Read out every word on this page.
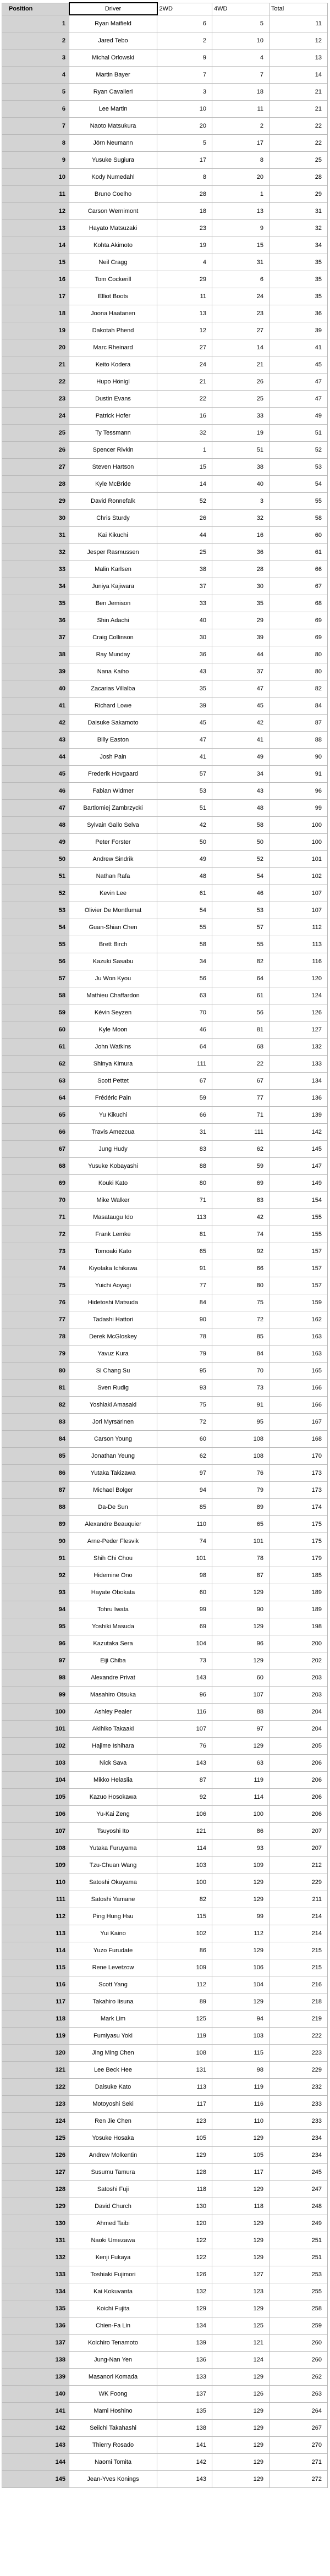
Position	Driver	2WD	4WD	Total
1	Ryan Maifield	6	5	11
2	Jared Tebo	2	10	12
3	Michal Orlowski	9	4	13
4	Martin Bayer	7	7	14
5	Ryan Cavalieri	3	18	21
6	Lee Martin	10	11	21
7	Naoto Matsukura	20	2	22
8	Jörn Neumann	5	17	22
9	Yusuke Sugiura	17	8	25
10	Kody Numedahl	8	20	28
11	Bruno Coelho	28	1	29
12	Carson Wernimont	18	13	31
13	Hayato Matsuzaki	23	9	32
14	Kohta Akimoto	19	15	34
15	Neil Cragg	4	31	35
16	Tom Cockerill	29	6	35
17	Elliot Boots	11	24	35
18	Joona Haatanen	13	23	36
19	Dakotah Phend	12	27	39
20	Marc Rheinard	27	14	41
21	Keito Kodera	24	21	45
22	Hupo Hönigl	21	26	47
23	Dustin Evans	22	25	47
24	Patrick Hofer	16	33	49
25	Ty Tessmann	32	19	51
26	Spencer Rivkin	1	51	52
27	Steven Hartson	15	38	53
28	Kyle McBride	14	40	54
29	David Ronnefalk	52	3	55
30	Chris Sturdy	26	32	58
31	Kai Kikuchi	44	16	60
32	Jesper Rasmussen	25	36	61
33	Malin Karlsen	38	28	66
34	Juniya Kajiwara	37	30	67
35	Ben Jemison	33	35	68
36	Shin Adachi	40	29	69
37	Craig Collinson	30	39	69
38	Ray Munday	36	44	80
39	Nana Kaiho	43	37	80
40	Zacarias Villalba	35	47	82
41	Richard Lowe	39	45	84
42	Daisuke Sakamoto	45	42	87
43	Billy Easton	47	41	88
44	Josh Pain	41	49	90
45	Frederik Hovgaard	57	34	91
46	Fabian Widmer	53	43	96
47	Bartlomiej Zambrzycki	51	48	99
48	Sylvain Gallo Selva	42	58	100
49	Peter Forster	50	50	100
50	Andrew Sindrik	49	52	101
51	Nathan Rafa	48	54	102
52	Kevin Lee	61	46	107
53	Olivier De Montfumat	54	53	107
54	Guan-Shian Chen	55	57	112
55	Brett Birch	58	55	113
56	Kazuki Sasabu	34	82	116
57	Ju Won Kyou	56	64	120
58	Mathieu Chaffardon	63	61	124
59	Kévin Seyzen	70	56	126
60	Kyle Moon	46	81	127
61	John Watkins	64	68	132
62	Shinya Kimura	111	22	133
63	Scott Pettet	67	67	134
64	Frédéric Pain	59	77	136
65	Yu Kikuchi	66	71	139
66	Travis Amezcua	31	111	142
67	Jung Hudy	83	62	145
68	Yusuke Kobayashi	88	59	147
69	Kouki Kato	80	69	149
70	Mike Walker	71	83	154
71	Masataugu Ido	113	42	155
72	Frank Lemke	81	74	155
73	Tomoaki Kato	65	92	157
74	Kiyotaka Ichikawa	91	66	157
75	Yuichi Aoyagi	77	80	157
76	Hidetoshi Matsuda	84	75	159
77	Tadashi Hattori	90	72	162
78	Derek McGloskey	78	85	163
79	Yavuz Kura	79	84	163
80	Si Chang Su	95	70	165
81	Sven Rudig	93	73	166
82	Yoshiaki Amasaki	75	91	166
83	Jori Myrsärinen	72	95	167
84	Carson Young	60	108	168
85	Jonathan Yeung	62	108	170
86	Yutaka Takizawa	97	76	173
87	Michael Bolger	94	79	173
88	Da-De Sun	85	89	174
89	Alexandre Beauquier	110	65	175
90	Arne-Peder Flesvik	74	101	175
91	Shih Chi Chou	101	78	179
92	Hidemine Ono	98	87	185
93	Hayate Obokata	60	129	189
94	Tohru Iwata	99	90	189
95	Yoshiki Masuda	69	129	198
96	Kazutaka Sera	104	96	200
97	Eiji Chiba	73	129	202
98	Alexandre Privat	143	60	203
99	Masahiro Otsuka	96	107	203
100	Ashley Pealer	116	88	204
101	Akihiko Takaaki	107	97	204
102	Hajime Ishihara	76	129	205
103	Nick Sava	143	63	206
104	Mikko Helaslia	87	119	206
105	Kazuo Hosokawa	92	114	206
106	Yu-Kai Zeng	106	100	206
107	Tsuyoshi Ito	121	86	207
108	Yutaka Furuyama	114	93	207
109	Tzu-Chuan Wang	103	109	212
110	Satoshi Okayama	100	129	229
111	Satoshi Yamane	82	129	211
112	Ping Hung Hsu	115	99	214
113	Yui Kaino	102	112	214
114	Yuzo Furudate	86	129	215
115	Rene Levetzow	109	106	215
116	Scott Yang	112	104	216
117	Takahiro Iisuna	89	129	218
118	Mark Lim	125	94	219
119	Fumiyasu Yoki	119	103	222
120	Jing Ming Chen	108	115	223
121	Lee Beck Hee	131	98	229
122	Daisuke Kato	113	119	232
123	Motoyoshi Seki	117	116	233
124	Ren Jie Chen	123	110	233
125	Yosuke Hosaka	105	129	234
126	Andrew Molkentin	129	105	234
127	Susumu Tamura	128	117	245
128	Satoshi Fuji	118	129	247
129	David Church	130	118	248
130	Ahmed Taibi	120	129	249
131	Naoki Umezawa	122	129	251
132	Kenji Fukaya	122	129	251
133	Toshiaki Fujimori	126	127	253
134	Kai Kokuvanta	132	123	255
135	Koichi Fujita	129	129	258
136	Chien-Fa Lin	134	125	259
137	Koichiro Tenamoto	139	121	260
138	Jung-Nan Yen	136	124	260
139	Masanori Komada	133	129	262
140	WK Foong	137	126	263
141	Mami Hoshino	135	129	264
142	Seiichi Takahashi	138	129	267
143	Thierry Rosado	141	129	270
144	Naomi Tomita	142	129	271
145	Jean-Yves Konings	143	129	272
